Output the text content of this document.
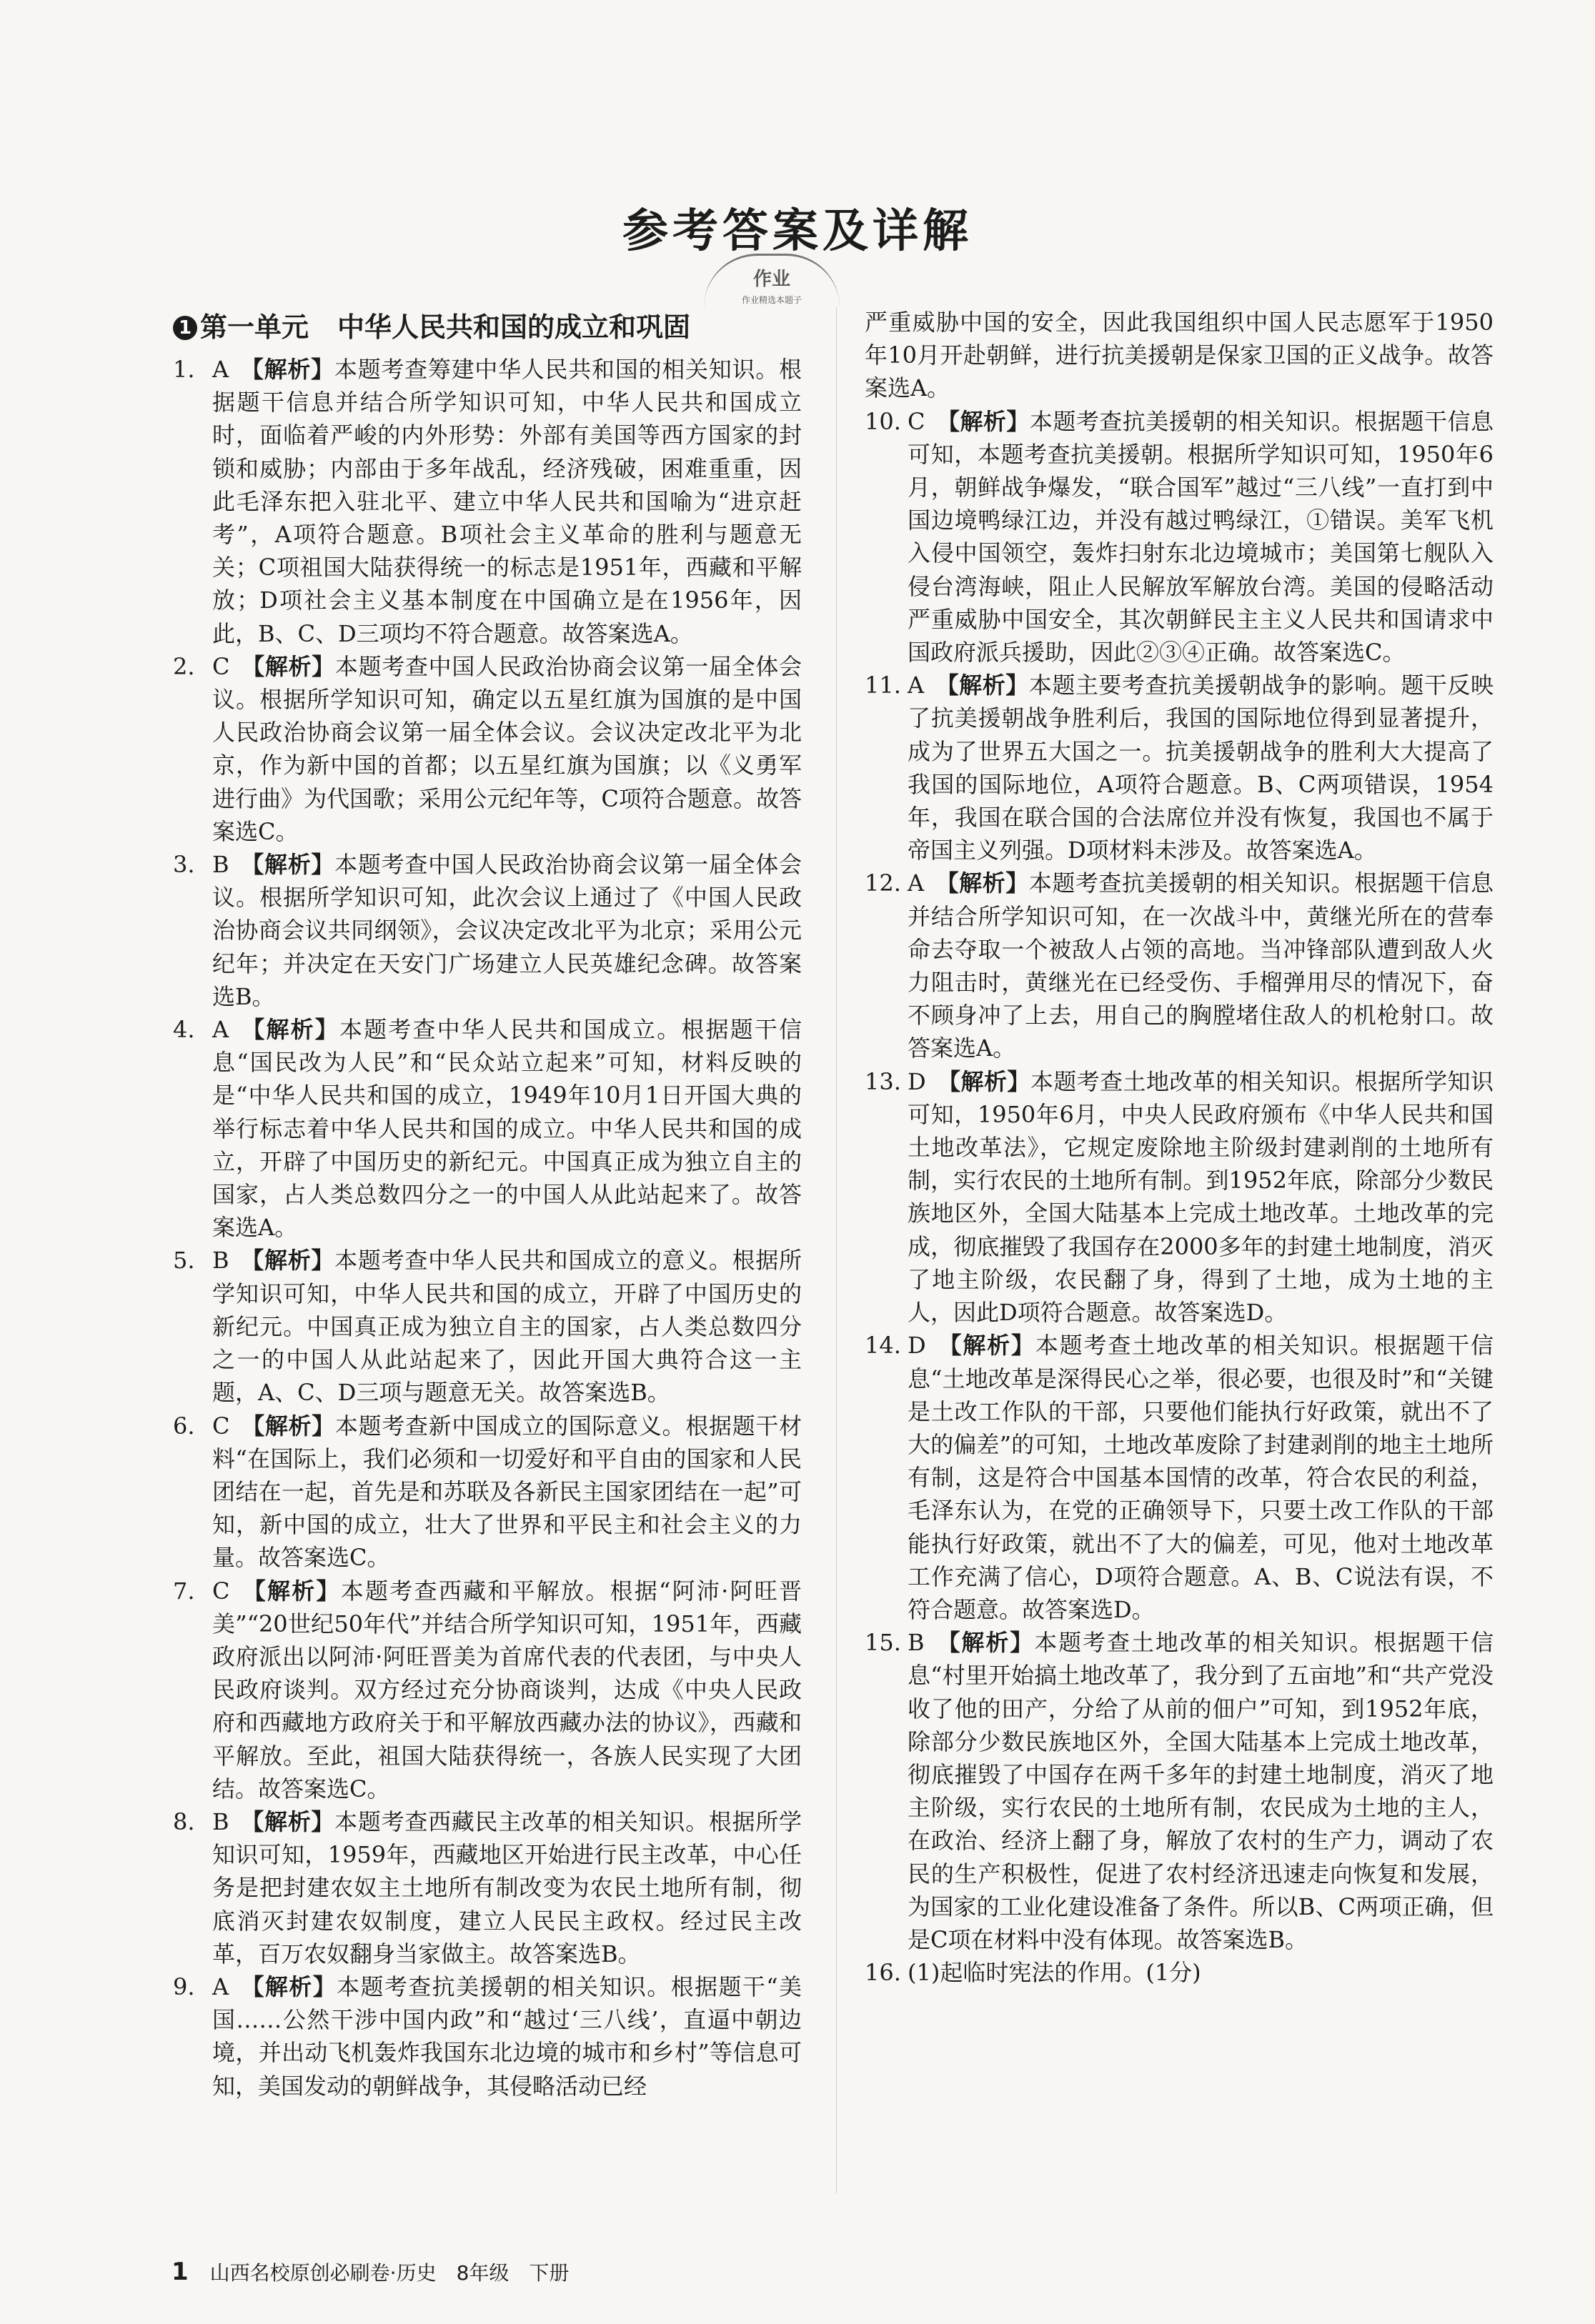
参考答案及详解
作业
作业精选本题子
1 第一单元 中华人民共和国的成立和巩固

1. A  【解析】本题考查筹建中华人民共和国的相关知识。根据题干信息并结合所学知识可知，中华人民共和国成立时，面临着严峻的内外形势：外部有美国等西方国家的封锁和威胁；内部由于多年战乱，经济残破，困难重重，因此毛泽东把入驻北平、建立中华人民共和国喻为“进京赶考”，A项符合题意。B项社会主义革命的胜利与题意无关；C项祖国大陆获得统一的标志是1951年，西藏和平解放；D项社会主义基本制度在中国确立是在1956年，因此，B、C、D三项均不符合题意。故答案选A。

2. C  【解析】本题考查中国人民政治协商会议第一届全体会议。根据所学知识可知，确定以五星红旗为国旗的是中国人民政治协商会议第一届全体会议。会议决定改北平为北京，作为新中国的首都；以五星红旗为国旗；以《义勇军进行曲》为代国歌；采用公元纪年等，C项符合题意。故答案选C。

3. B  【解析】本题考查中国人民政治协商会议第一届全体会议。根据所学知识可知，此次会议上通过了《中国人民政治协商会议共同纲领》，会议决定改北平为北京；采用公元纪年；并决定在天安门广场建立人民英雄纪念碑。故答案选B。

4. A  【解析】本题考查中华人民共和国成立。根据题干信息“国民改为人民”和“民众站立起来”可知，材料反映的是“中华人民共和国的成立，1949年10月1日开国大典的举行标志着中华人民共和国的成立。中华人民共和国的成立，开辟了中国历史的新纪元。中国真正成为独立自主的国家，占人类总数四分之一的中国人从此站起来了。故答案选A。

5. B  【解析】本题考查中华人民共和国成立的意义。根据所学知识可知，中华人民共和国的成立，开辟了中国历史的新纪元。中国真正成为独立自主的国家，占人类总数四分之一的中国人从此站起来了，因此开国大典符合这一主题，A、C、D三项与题意无关。故答案选B。

6. C  【解析】本题考查新中国成立的国际意义。根据题干材料“在国际上，我们必须和一切爱好和平自由的国家和人民团结在一起，首先是和苏联及各新民主国家团结在一起”可知，新中国的成立，壮大了世界和平民主和社会主义的力量。故答案选C。

7. C  【解析】本题考查西藏和平解放。根据“阿沛·阿旺晋美”“20世纪50年代”并结合所学知识可知，1951年，西藏政府派出以阿沛·阿旺晋美为首席代表的代表团，与中央人民政府谈判。双方经过充分协商谈判，达成《中央人民政府和西藏地方政府关于和平解放西藏办法的协议》，西藏和平解放。至此，祖国大陆获得统一，各族人民实现了大团结。故答案选C。

8. B  【解析】本题考查西藏民主改革的相关知识。根据所学知识可知，1959年，西藏地区开始进行民主改革，中心任务是把封建农奴主土地所有制改变为农民土地所有制，彻底消灭封建农奴制度，建立人民民主政权。经过民主改革，百万农奴翻身当家做主。故答案选B。

9. A  【解析】本题考查抗美援朝的相关知识。根据题干“美国……公然干涉中国内政”和“越过‘三八线’，直逼中朝边境，并出动飞机轰炸我国东北边境的城市和乡村”等信息可知，美国发动的朝鲜战争，其侵略活动已经

严重威胁中国的安全，因此我国组织中国人民志愿军于1950年10月开赴朝鲜，进行抗美援朝是保家卫国的正义战争。故答案选A。

10. C  【解析】本题考查抗美援朝的相关知识。根据题干信息可知，本题考查抗美援朝。根据所学知识可知，1950年6月，朝鲜战争爆发，“联合国军”越过“三八线”一直打到中国边境鸭绿江边，并没有越过鸭绿江，①错误。美军飞机入侵中国领空，轰炸扫射东北边境城市；美国第七舰队入侵台湾海峡，阻止人民解放军解放台湾。美国的侵略活动严重威胁中国安全，其次朝鲜民主主义人民共和国请求中国政府派兵援助，因此②③④正确。故答案选C。

11. A  【解析】本题主要考查抗美援朝战争的影响。题干反映了抗美援朝战争胜利后，我国的国际地位得到显著提升，成为了世界五大国之一。抗美援朝战争的胜利大大提高了我国的国际地位，A项符合题意。B、C两项错误，1954年，我国在联合国的合法席位并没有恢复，我国也不属于帝国主义列强。D项材料未涉及。故答案选A。

12. A  【解析】本题考查抗美援朝的相关知识。根据题干信息并结合所学知识可知，在一次战斗中，黄继光所在的营奉命去夺取一个被敌人占领的高地。当冲锋部队遭到敌人火力阻击时，黄继光在已经受伤、手榴弹用尽的情况下，奋不顾身冲了上去，用自己的胸膛堵住敌人的机枪射口。故答案选A。

13. D  【解析】本题考查土地改革的相关知识。根据所学知识可知，1950年6月，中央人民政府颁布《中华人民共和国土地改革法》，它规定废除地主阶级封建剥削的土地所有制，实行农民的土地所有制。到1952年底，除部分少数民族地区外，全国大陆基本上完成土地改革。土地改革的完成，彻底摧毁了我国存在2000多年的封建土地制度，消灭了地主阶级，农民翻了身，得到了土地，成为土地的主人，因此D项符合题意。故答案选D。

14. D  【解析】本题考查土地改革的相关知识。根据题干信息“土地改革是深得民心之举，很必要，也很及时”和“关键是土改工作队的干部，只要他们能执行好政策，就出不了大的偏差”的可知，土地改革废除了封建剥削的地主土地所有制，这是符合中国基本国情的改革，符合农民的利益，毛泽东认为，在党的正确领导下，只要土改工作队的干部能执行好政策，就出不了大的偏差，可见，他对土地改革工作充满了信心，D项符合题意。A、B、C说法有误，不符合题意。故答案选D。

15. B  【解析】本题考查土地改革的相关知识。根据题干信息“村里开始搞土地改革了，我分到了五亩地”和“共产党没收了他的田产，分给了从前的佃户”可知，到1952年底，除部分少数民族地区外，全国大陆基本上完成土地改革，彻底摧毁了中国存在两千多年的封建土地制度，消灭了地主阶级，实行农民的土地所有制，农民成为土地的主人，在政治、经济上翻了身，解放了农村的生产力，调动了农民的生产积极性，促进了农村经济迅速走向恢复和发展，为国家的工业化建设准备了条件。所以B、C两项正确，但是C项在材料中没有体现。故答案选B。

16. (1)起临时宪法的作用。(1分)

1 山西名校原创必刷卷·历史　8年级　下册
